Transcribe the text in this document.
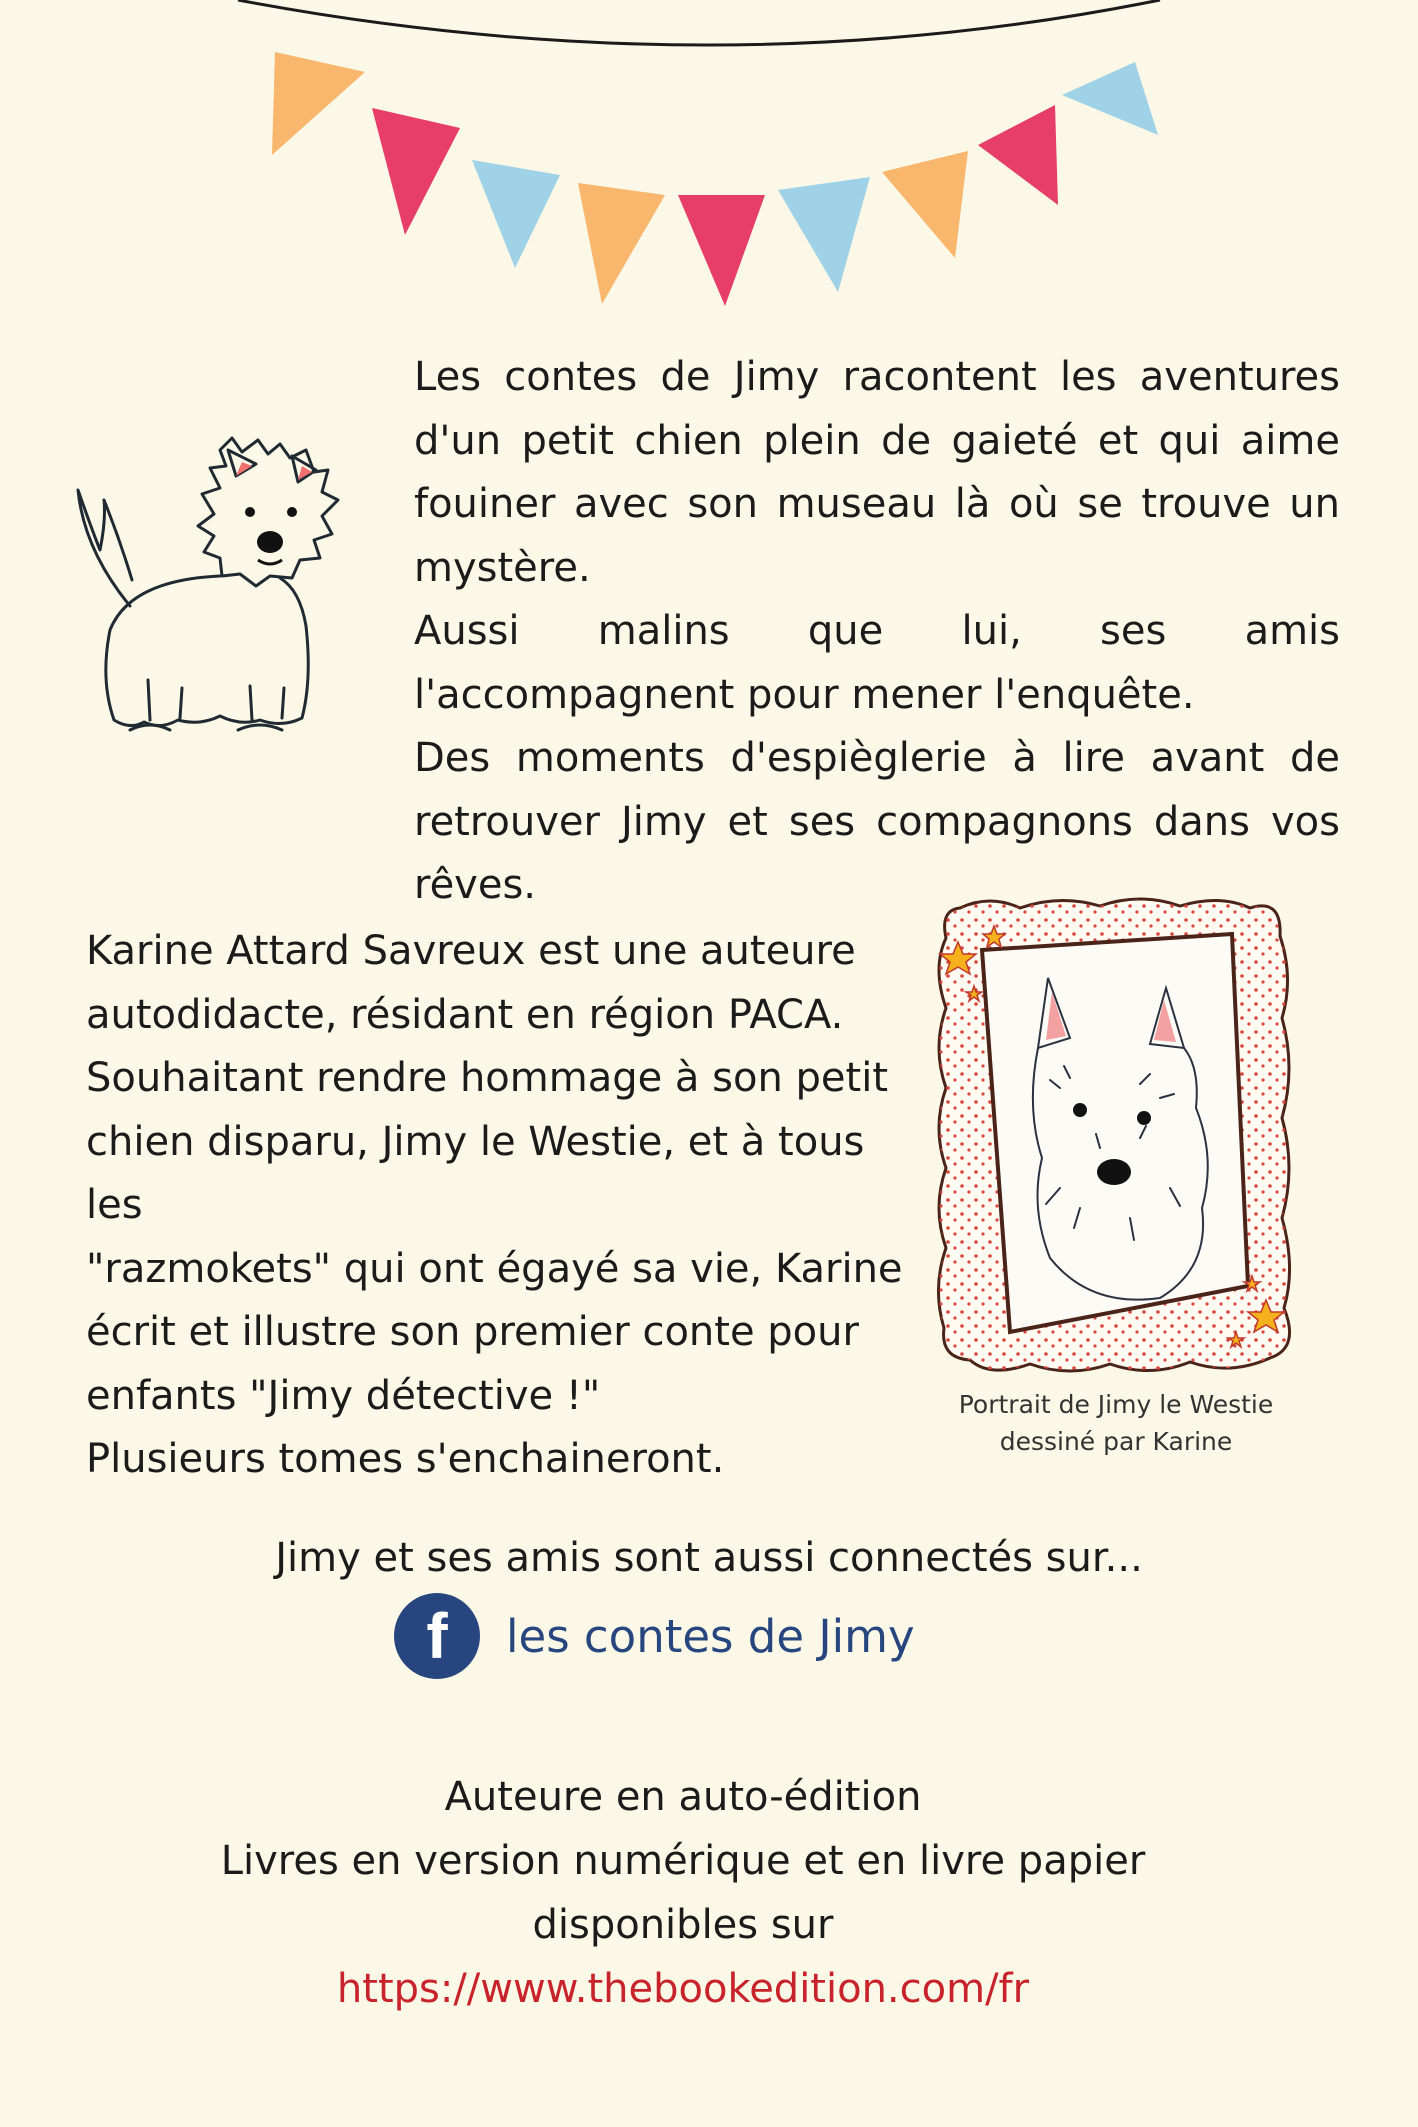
Les contes de Jimy racontent les aventures d'un petit chien plein de gaieté et qui aime fouiner avec son museau là où se trouve un mystère.

Aussi malins que lui, ses amis l'accompagnent pour mener l'enquête.

Des moments d'espièglerie à lire avant de retrouver Jimy et ses compagnons dans vos rêves.

Karine Attard Savreux est une auteure

autodidacte, résidant en région PACA.

Souhaitant rendre hommage à son petit

chien disparu, Jimy le Westie, et à tous les

"razmokets" qui ont égayé sa vie, Karine

écrit et illustre son premier conte pour

enfants "Jimy détective !"

Plusieurs tomes s'enchaineront.

Portrait de Jimy le Westie
dessiné par Karine
Jimy et ses amis sont aussi connectés sur...
f	les contes de Jimy
Auteure en auto-édition
Livres en version numérique et en livre papier
disponibles sur
https://www.thebookedition.com/fr
